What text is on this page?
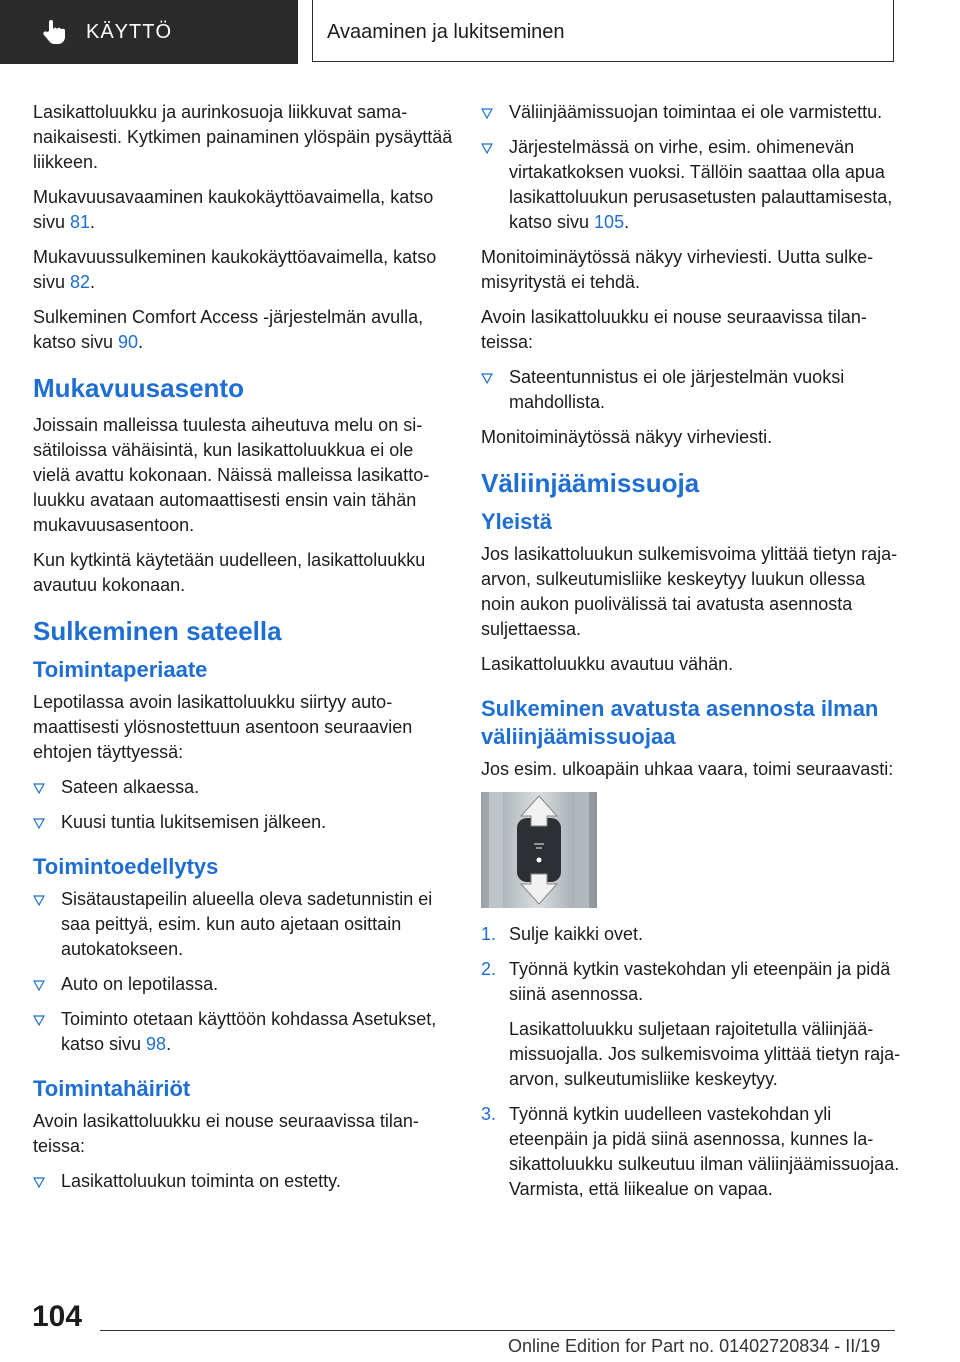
KÄYTTÖ	Avaaminen ja lukitseminen

Lasikattoluukku ja aurinkosuoja liikkuvat samanaikaisesti. Kytkimen painaminen ylöspäin pysäyttää liikkeen.

Mukavuusavaaminen kaukokäyttöavaimella, katso sivu 81.

Mukavuussulkeminen kaukokäyttöavaimella, katso sivu 82.

Sulkeminen Comfort Access -järjestelmän avulla, katso sivu 90.

Mukavuusasento

Joissain malleissa tuulesta aiheutuva melu on sisätiloissa vähäisintä, kun lasikattoluukkua ei ole vielä avattu kokonaan. Näissä malleissa lasikattoluukku avataan automaattisesti ensin vain tähän mukavuusasentoon.

Kun kytkintä käytetään uudelleen, lasikattoluukku avautuu kokonaan.

Sulkeminen sateella
Toimintaperiaate

Lepotilassa avoin lasikattoluukku siirtyy automaattisesti ylösnostettuun asentoon seuraavien ehtojen täyttyessä:

Sateen alkaessa.
Kuusi tuntia lukitsemisen jälkeen.
Toimintoedellytys
Sisätaustapeilin alueella oleva sadetunnistin ei saa peittyä, esim. kun auto ajetaan osittain autokatokseen.
Auto on lepotilassa.
Toiminto otetaan käyttöön kohdassa Asetukset, katso sivu 98.
Toimintahäiriöt

Avoin lasikattoluukku ei nouse seuraavissa tilanteissa:

Lasikattoluukun toiminta on estetty.
Väliinjäämissuojan toimintaa ei ole varmistettu.
Järjestelmässä on virhe, esim. ohimenevän virtakatkoksen vuoksi. Tällöin saattaa olla apua lasikattoluukun perusasetusten palauttamisesta, katso sivu 105.

Monitoiminäytössä näkyy virheviesti. Uutta sulkemisyritystä ei tehdä.

Avoin lasikattoluukku ei nouse seuraavissa tilanteissa:

Sateentunnistus ei ole järjestelmän vuoksi mahdollista.

Monitoiminäytössä näkyy virheviesti.

Väliinjäämissuoja
Yleistä

Jos lasikattoluukun sulkemisvoima ylittää tietyn raja-arvon, sulkeutumisliike keskeytyy luukun ollessa noin aukon puolivälissä tai avatusta asennosta suljettaessa.

Lasikattoluukku avautuu vähän.

Sulkeminen avatusta asennosta ilman väliinjäämissuojaa

Jos esim. ulkoapäin uhkaa vaara, toimi seuraavasti:

1. Sulje kaikki ovet.
2. Työnnä kytkin vastekohdan yli eteenpäin ja pidä siinä asennossa.

Lasikattoluukku suljetaan rajoitetulla väliinjäämissuojalla. Jos sulkemisvoima ylittää tietyn raja-arvon, sulkeutumisliike keskeytyy.

3. Työnnä kytkin uudelleen vastekohdan yli eteenpäin ja pidä siinä asennossa, kunnes lasikattoluukku sulkeutuu ilman väliinjäämissuojaa. Varmista, että liikealue on vapaa.
104
Online Edition for Part no. 01402720834 - II/19
